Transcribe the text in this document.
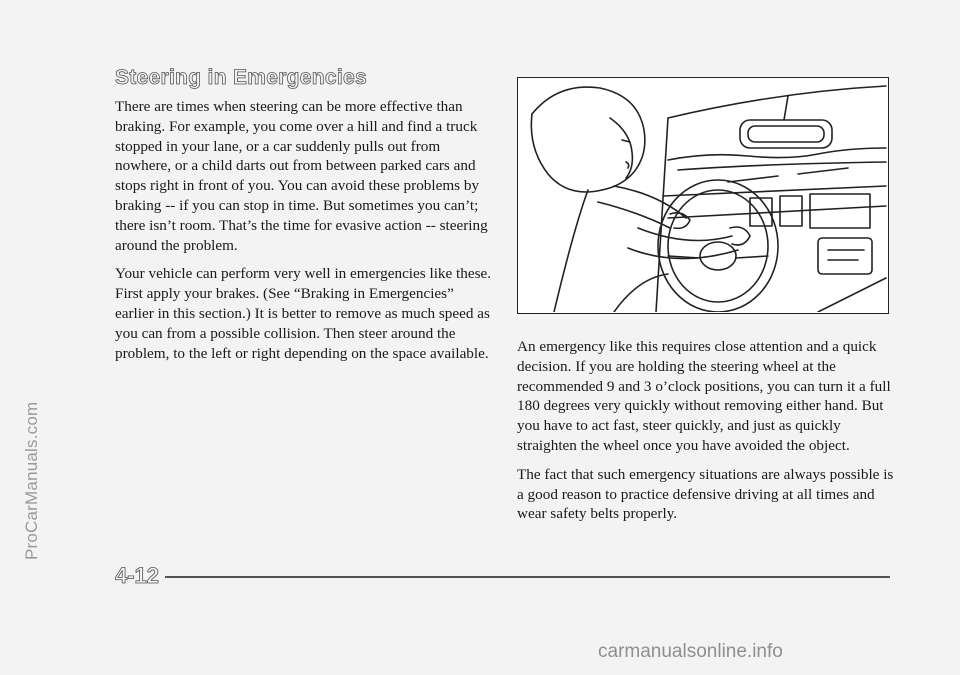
ProCarManuals.com
Steering in Emergencies

There are times when steering can be more effective than braking. For example, you come over a hill and find a truck stopped in your lane, or a car suddenly pulls out from nowhere, or a child darts out from between parked cars and stops right in front of you. You can avoid these problems by braking -- if you can stop in time. But sometimes you can’t; there isn’t room. That’s the time for evasive action -- steering around the problem.

Your vehicle can perform very well in emergencies like these. First apply your brakes. (See “Braking in Emergencies” earlier in this section.) It is better to remove as much speed as you can from a possible collision. Then steer around the problem, to the left or right depending on the space available. An emergency like this requires close attention and a quick decision. If you are holding the steering wheel at the recommended 9 and 3 o’clock positions, you can turn it a full 180 degrees very quickly without removing either hand. But you have to act fast, steer quickly, and just as quickly straighten the wheel once you have avoided the object.

The fact that such emergency situations are always possible is a good reason to practice defensive driving at all times and wear safety belts properly.

4-12
carmanualsonline.info
